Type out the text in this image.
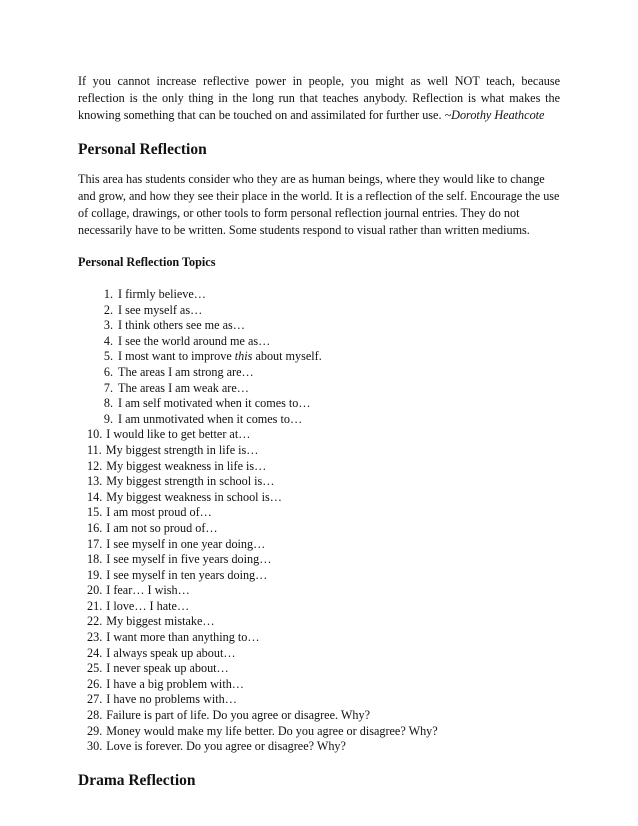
If you cannot increase reflective power in people, you might as well NOT teach, because reflection is the only thing in the long run that teaches anybody. Reflection is what makes the knowing something that can be touched on and assimilated for further use. ~Dorothy Heathcote

Personal Reflection

This area has students consider who they are as human beings, where they would like to change and grow, and how they see their place in the world. It is a reflection of the self. Encourage the use of collage, drawings, or other tools to form personal reflection journal entries. They do not necessarily have to be written. Some students respond to visual rather than written mediums.

Personal Reflection Topics
1. I firmly believe…
2. I see myself as…
3. I think others see me as…
4. I see the world around me as…
5. I most want to improve this about myself.
6. The areas I am strong are…
7. The areas I am weak are…
8. I am self motivated when it comes to…
9. I am unmotivated when it comes to…
10. I would like to get better at…
11. My biggest strength in life is…
12. My biggest weakness in life is…
13. My biggest strength in school is…
14. My biggest weakness in school is…
15. I am most proud of…
16. I am not so proud of…
17. I see myself in one year doing…
18. I see myself in five years doing…
19. I see myself in ten years doing…
20. I fear… I wish…
21. I love… I hate…
22. My biggest mistake…
23. I want more than anything to…
24. I always speak up about…
25. I never speak up about…
26. I have a big problem with…
27. I have no problems with…
28. Failure is part of life. Do you agree or disagree. Why?
29. Money would make my life better. Do you agree or disagree? Why?
30. Love is forever. Do you agree or disagree? Why?
Drama Reflection
